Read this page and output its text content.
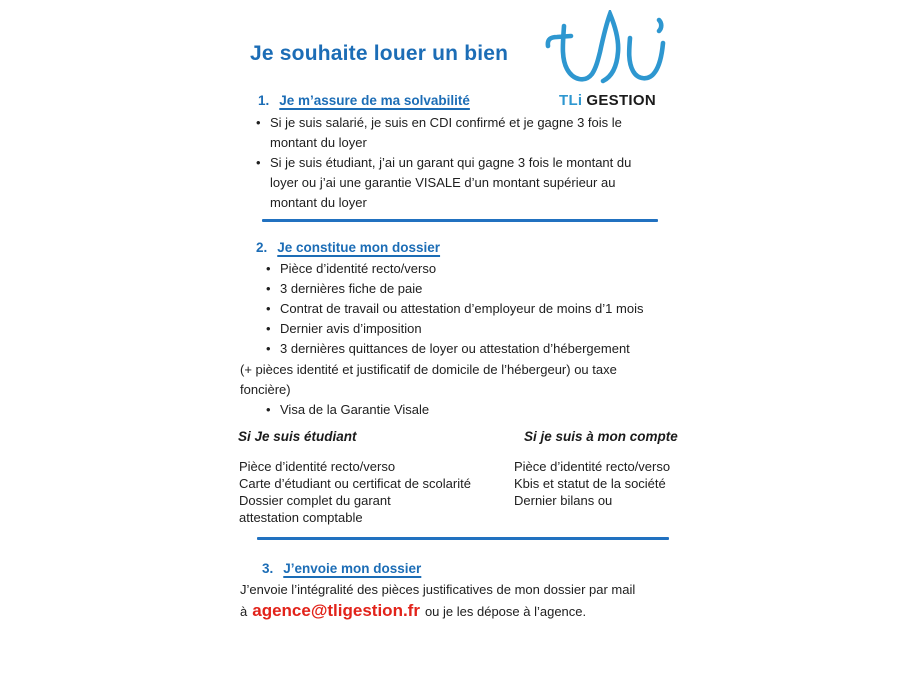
Je souhaite louer un bien
TLi GESTION
1. Je m’assure de ma solvabilité
• Si je suis salarié, je suis en CDI confirmé et je gagne 3 fois le montant du loyer
• Si je suis étudiant, j’ai un garant qui gagne 3 fois le montant du loyer ou j’ai une garantie VISALE d’un montant supérieur au montant du loyer
2. Je constitue mon dossier
• Pièce d’identité recto/verso
• 3 dernières fiche de paie
• Contrat de travail ou attestation d’employeur de moins d’1 mois
• Dernier avis d’imposition
• 3 dernières quittances de loyer ou attestation d’hébergement
(+ pièces identité et justificatif de domicile de l’hébergeur) ou taxe
foncière)
• Visa de la Garantie Visale
Si Je suis étudiant	Si je suis à mon compte
Pièce d’identité recto/verso
Carte d’étudiant ou certificat de scolarité
Dossier complet du garant
attestation comptable
Pièce d’identité recto/verso
Kbis et statut de la société
Dernier bilans ou
3. J’envoie mon dossier
J’envoie l’intégralité des pièces justificatives de mon dossier par mail
à agence@tligestion.fr ou je les dépose à l’agence.
